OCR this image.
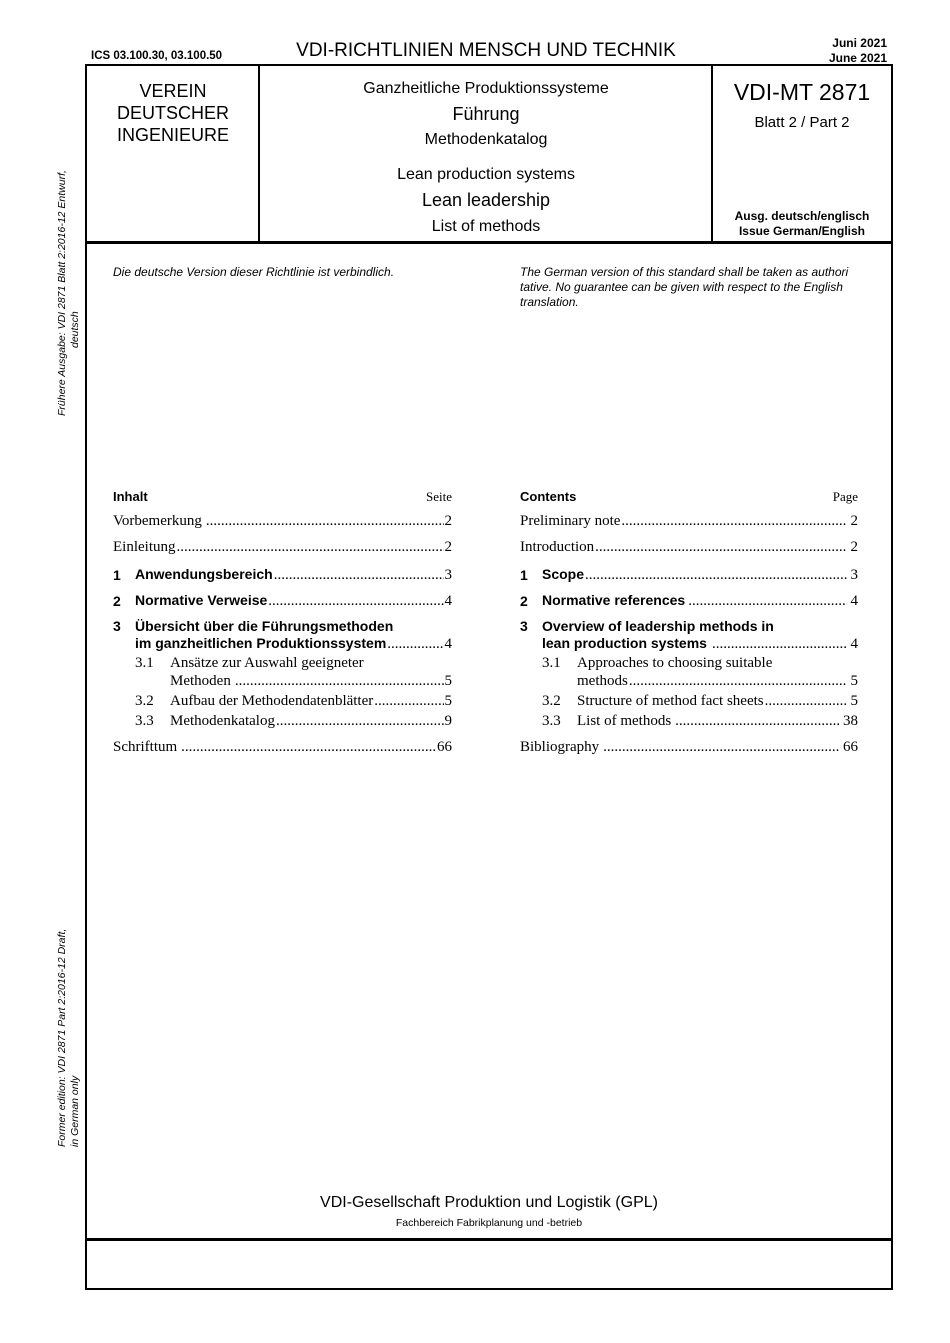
ICS 03.100.30, 03.100.50	VDI-RICHTLINIEN MENSCH UND TECHNIK	Juni 2021
June 2021
VEREIN
DEUTSCHER
INGENIEURE
Ganzheitliche Produktionssysteme
Führung
Methodenkatalog
Lean production systems
Lean leadership
List of methods
VDI-MT 2871
Blatt 2 / Part 2
Ausg. deutsch/englisch
Issue German/English
Die deutsche Version dieser Richtlinie ist verbindlich.	The German version of this standard shall be taken as authori
tative. No guarantee can be given with respect to the English
translation.
Frühere Ausgabe: VDI 2871 Blatt 2:2016-12 Entwurf, deutsch
Former edition: VDI 2871 Part 2:2016-12 Draft, in German only
Inhalt	Seite
Vorbemerkung .....	2
Einleitung .....	2
1 Anwendungsbereich .....	3
2 Normative Verweise .....	4
3 Übersicht über die Führungsmethoden
im ganzheitlichen Produktionssystem .....	4
3.1 Ansätze zur Auswahl geeigneter
Methoden .....	5
3.2 Aufbau der Methodendatenblätter .....	5
3.3 Methodenkatalog .....	9
Schrifttum .....	66
Contents	Page
Preliminary note .....	2
Introduction .....	2
1 Scope .....	3
2 Normative references .....	4
3 Overview of leadership methods in
lean production systems .....	4
3.1 Approaches to choosing suitable
methods .....	5
3.2 Structure of method fact sheets .....	5
3.3 List of methods .....	38
Bibliography .....	66
VDI-Gesellschaft Produktion und Logistik (GPL)
Fachbereich Fabrikplanung und -betrieb
